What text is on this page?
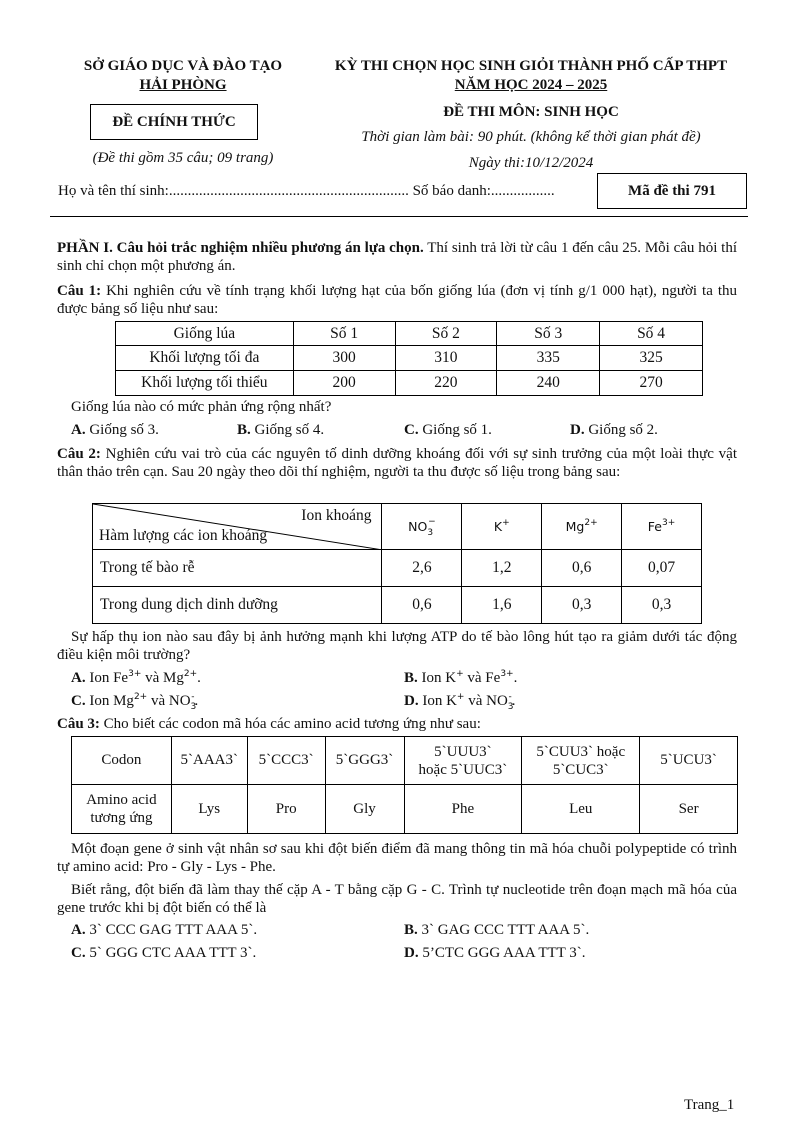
SỞ GIÁO DỤC VÀ ĐÀO TẠO
HẢI PHÒNG
KỲ THI CHỌN HỌC SINH GIỎI THÀNH PHỐ CẤP THPT
NĂM HỌC 2024 – 2025
ĐỀ CHÍNH THỨC
ĐỀ THI MÔN: SINH HỌC
Thời gian làm bài: 90 phút. (không kể thời gian phát đề)
(Đề thi gồm 35 câu; 09 trang)	Ngày thi:10/12/2024
Họ và tên thí sinh:................................................................ Số báo danh:.................	Mã đề thi 791
PHẦN I. Câu hỏi trắc nghiệm nhiều phương án lựa chọn. Thí sinh trả lời từ câu 1 đến câu 25. Mỗi câu hỏi thí sinh chỉ chọn một phương án.
Câu 1: Khi nghiên cứu về tính trạng khối lượng hạt của bốn giống lúa (đơn vị tính g/1 000 hạt), người ta thu được bảng số liệu như sau:
Giống lúa	Số 1	Số 2	Số 3	Số 4
Khối lượng tối đa	300	310	335	325
Khối lượng tối thiểu	200	220	240	270
Giống lúa nào có mức phản ứng rộng nhất?
A. Giống số 3.	B. Giống số 4.	C. Giống số 1.	D. Giống số 2.
Câu 2: Nghiên cứu vai trò của các nguyên tố dinh dưỡng khoáng đối với sự sinh trưởng của một loài thực vật thân thảo trên cạn. Sau 20 ngày theo dõi thí nghiệm, người ta thu được số liệu trong bảng sau:
Ion khoáng
Hàm lượng các ion khoáng	$NO_3^-$	K+	$Mg^{2+}$	$Fe^{3+}$
Trong tế bào rễ	2,6	1,2	0,6	0,07
Trong dung dịch dinh dưỡng	0,6	1,6	0,3	0,3
Sự hấp thụ ion nào sau đây bị ảnh hưởng mạnh khi lượng ATP do tế bào lông hút tạo ra giảm dưới tác động điều kiện môi trường?
A. Ion $Fe^{3+}$ và $Mg^{2+}$.	B. Ion K+ và $Fe^{3+}$.
C. Ion $Mg^{2+}$ và $NO_3^-$.	D. Ion K+ và $NO_3^-$.
Câu 3: Cho biết các codon mã hóa các amino acid tương ứng như sau:
Codon	5ˋAAA3ˋ	5ˋCCC3ˋ	5ˋGGG3ˋ	5ˋUUU3ˋ hoặc 5ˋUUC3ˋ	5ˋCUU3ˋ hoặc 5ˋCUC3ˋ	5ˋUCU3ˋ
Amino acid tương ứng	Lys	Pro	Gly	Phe	Leu	Ser
Một đoạn gene ở sinh vật nhân sơ sau khi đột biến điểm đã mang thông tin mã hóa chuỗi polypeptide có trình tự amino acid: Pro - Gly - Lys - Phe.
Biết rằng, đột biến đã làm thay thế cặp A - T bằng cặp G - C. Trình tự nucleotide trên đoạn mạch mã hóa của gene trước khi bị đột biến có thể là
A. 3ˋ CCC GAG TTT AAA 5ˋ.	B. 3ˋ GAG CCC TTT AAA 5ˋ.
C. 5ˋ GGG CTC AAA TTT 3ˋ.	D. 5’CTC GGG AAA TTT 3ˋ.
Trang_1
